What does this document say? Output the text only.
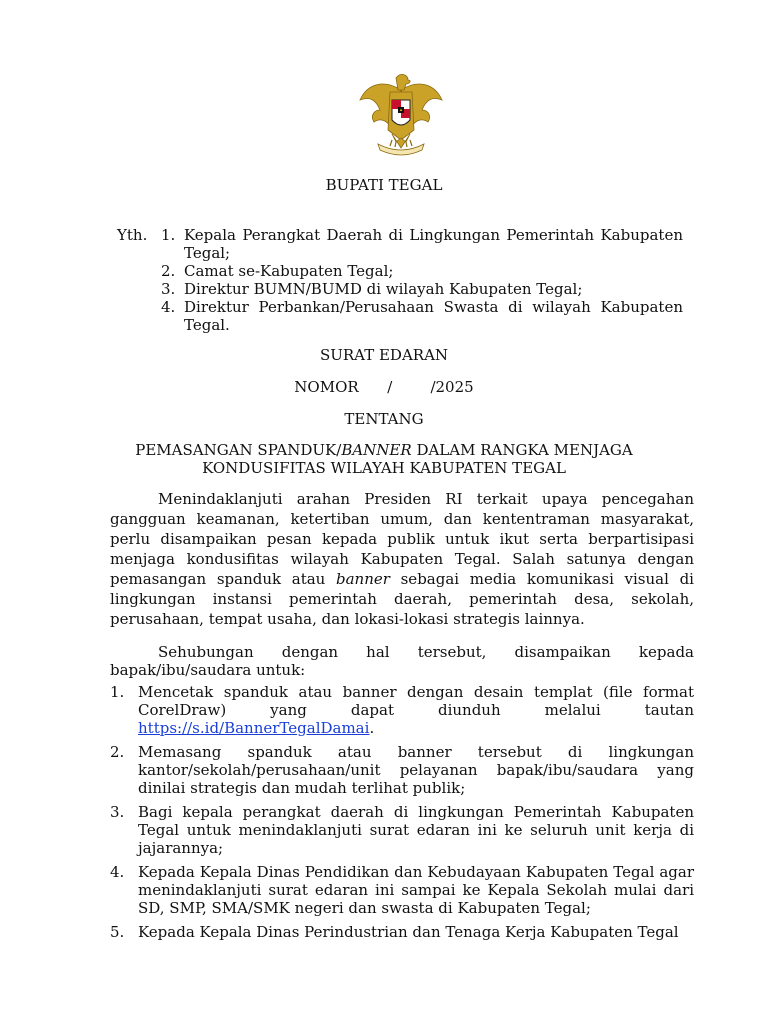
BUPATI TEGAL
Yth. 1. Kepala Perangkat Daerah di Lingkungan Pemerintah Kabupaten Tegal;
2. Camat se-Kabupaten Tegal;
3. Direktur BUMN/BUMD di wilayah Kabupaten Tegal;
4. Direktur Perbankan/Perusahaan Swasta di wilayah Kabupaten Tegal.
SURAT EDARAN
NOMOR      /        /2025
TENTANG
PEMASANGAN SPANDUK/BANNER DALAM RANGKA MENJAGA
KONDUSIFITAS WILAYAH KABUPATEN TEGAL
Menindaklanjuti arahan Presiden RI terkait upaya pencegahan gangguan keamanan, ketertiban umum, dan kententraman masyarakat, perlu disampaikan pesan kepada publik untuk ikut serta berpartisipasi menjaga kondusifitas wilayah Kabupaten Tegal. Salah satunya dengan pemasangan spanduk atau banner sebagai media komunikasi visual di lingkungan instansi pemerintah daerah, pemerintah desa, sekolah, perusahaan, tempat usaha, dan lokasi-lokasi strategis lainnya.
Sehubungan dengan hal tersebut, disampaikan kepada bapak/ibu/saudara untuk:
1. Mencetak spanduk atau banner dengan desain templat (file format CorelDraw) yang dapat diunduh melalui tautan https://s.id/BannerTegalDamai.
2. Memasang spanduk atau banner tersebut di lingkungan kantor/sekolah/perusahaan/unit pelayanan bapak/ibu/saudara yang dinilai strategis dan mudah terlihat publik;
3. Bagi kepala perangkat daerah di lingkungan Pemerintah Kabupaten Tegal untuk menindaklanjuti surat edaran ini ke seluruh unit kerja di jajarannya;
4. Kepada Kepala Dinas Pendidikan dan Kebudayaan Kabupaten Tegal agar menindaklanjuti surat edaran ini sampai ke Kepala Sekolah mulai dari SD, SMP, SMA/SMK negeri dan swasta di Kabupaten Tegal;
5. Kepada Kepala Dinas Perindustrian dan Tenaga Kerja Kabupaten Tegal
